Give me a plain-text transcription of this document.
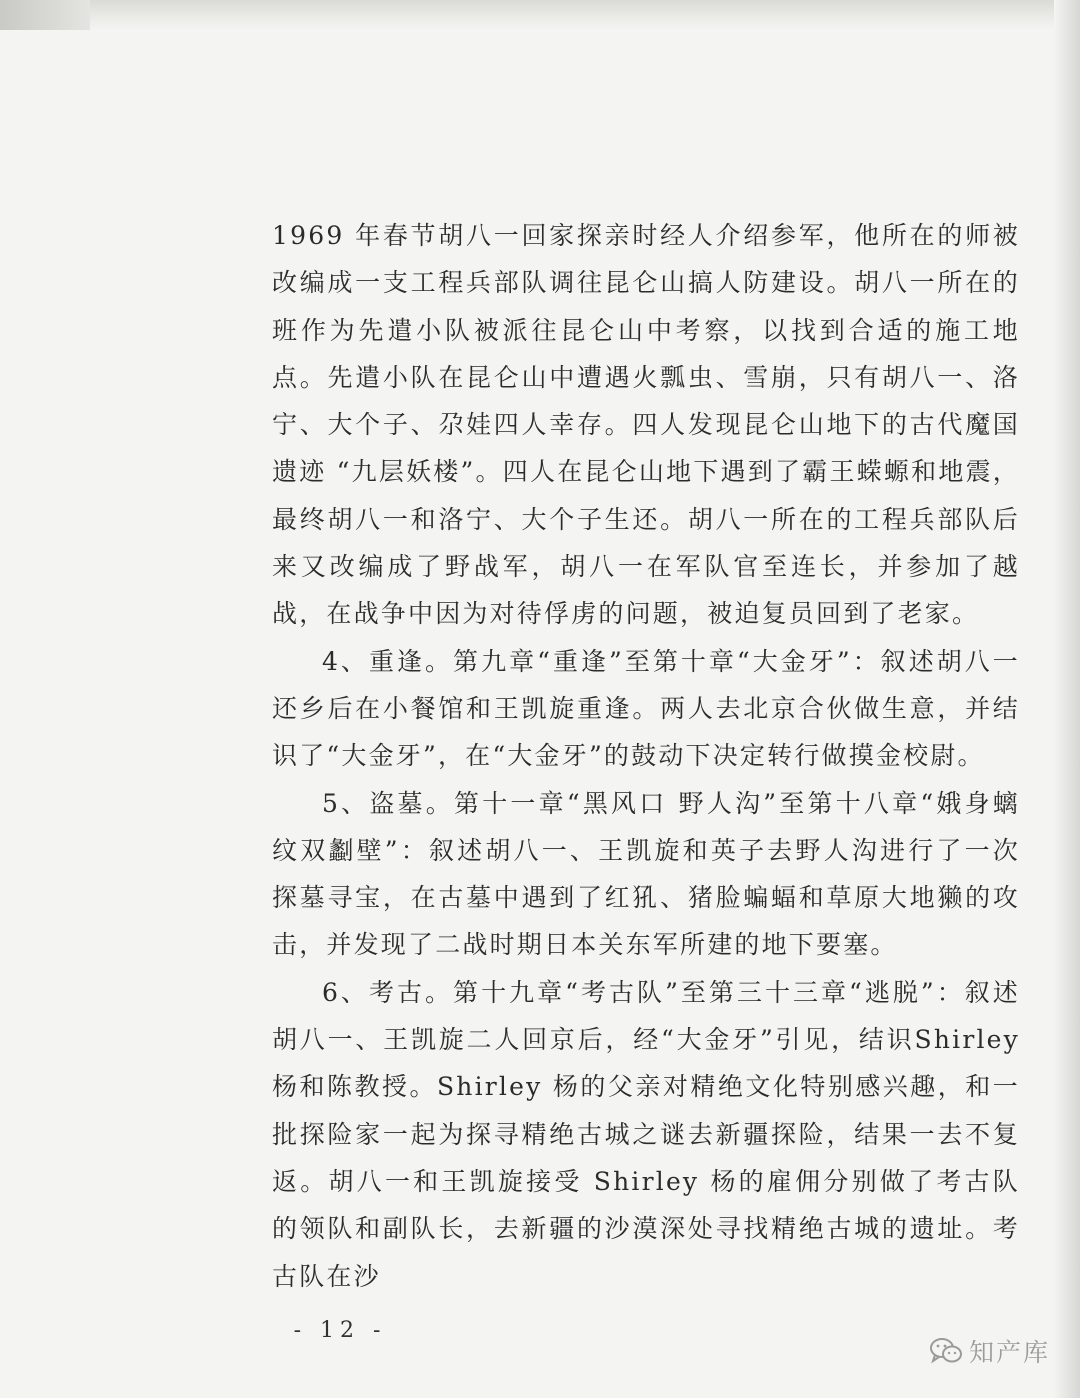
1969 年春节胡八一回家探亲时经人介绍参军，他所在的师被改编成一支工程兵部队调往昆仑山搞人防建设。胡八一所在的班作为先遣小队被派往昆仑山中考察，以找到合适的施工地点。先遣小队在昆仑山中遭遇火瓢虫、雪崩，只有胡八一、洛宁、大个子、尕娃四人幸存。四人发现昆仑山地下的古代魔国遗迹 “九层妖楼”。四人在昆仑山地下遇到了霸王蝾螈和地震，最终胡八一和洛宁、大个子生还。胡八一所在的工程兵部队后来又改编成了野战军，胡八一在军队官至连长，并参加了越战，在战争中因为对待俘虏的问题，被迫复员回到了老家。

4、重逢。第九章“重逢”至第十章“大金牙”：叙述胡八一还乡后在小餐馆和王凯旋重逢。两人去北京合伙做生意，并结识了“大金牙”，在“大金牙”的鼓动下决定转行做摸金校尉。

5、盗墓。第十一章“黑风口 野人沟”至第十八章“娥身螭纹双劙壁”：叙述胡八一、王凯旋和英子去野人沟进行了一次探墓寻宝，在古墓中遇到了红犼、猪脸蝙蝠和草原大地獭的攻击，并发现了二战时期日本关东军所建的地下要塞。

6、考古。第十九章“考古队”至第三十三章“逃脱”：叙述胡八一、王凯旋二人回京后，经“大金牙”引见，结识Shirley杨和陈教授。Shirley 杨的父亲对精绝文化特别感兴趣，和一批探险家一起为探寻精绝古城之谜去新疆探险，结果一去不复返。胡八一和王凯旋接受 Shirley 杨的雇佣分别做了考古队的领队和副队长，去新疆的沙漠深处寻找精绝古城的遗址。考古队在沙

- 12 -
知产库
